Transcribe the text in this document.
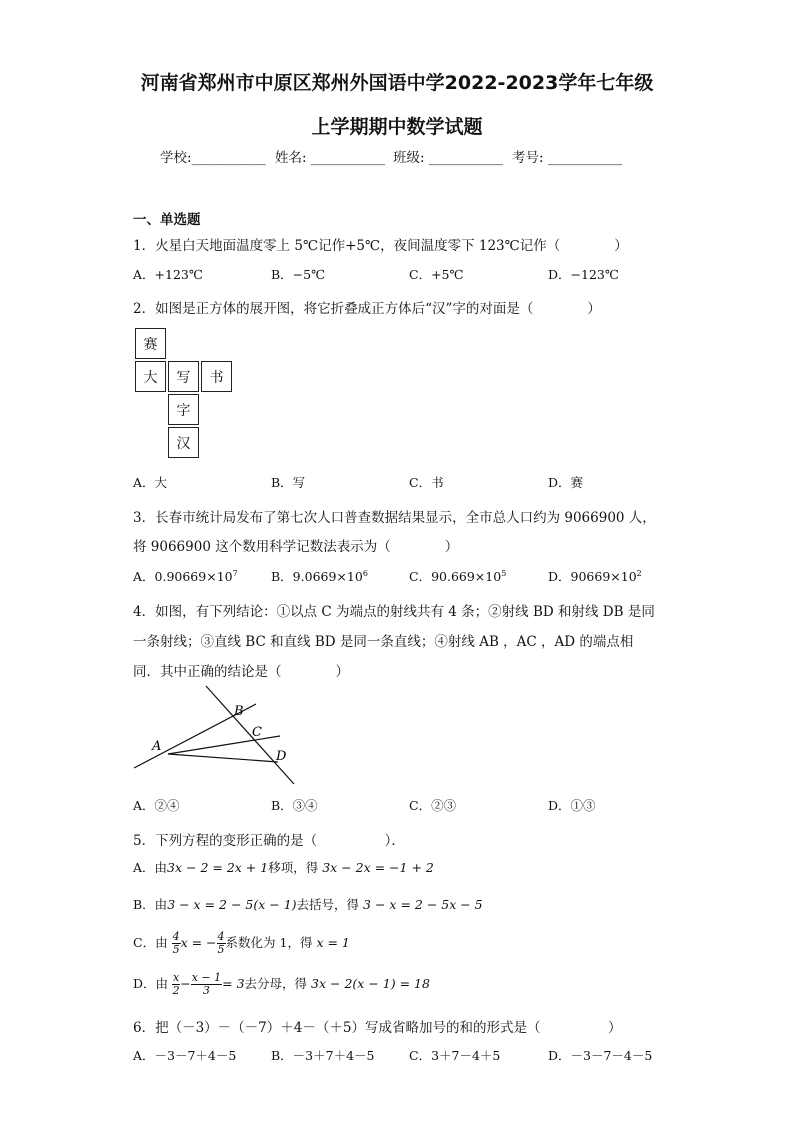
河南省郑州市中原区郑州外国语中学2022-2023学年七年级
上学期期中数学试题
学校:___________ 姓名: ___________ 班级: ___________ 考号: ___________
一、单选题
1．火星白天地面温度零上 5℃记作+5℃，夜间温度零下 123℃记作（　　　　）
A．+123℃	B．−5℃	C．+5℃	D．−123℃
2．如图是正方体的展开图，将它折叠成正方体后“汉”字的对面是（　　　　）
赛
大	写	书
字
汉
A．大	B．写	C．书	D．赛
3．长春市统计局发布了第七次人口普查数据结果显示，全市总人口约为 9066900 人，
将 9066900 这个数用科学记数法表示为（　　　　）
A．$0.90669\times 10^7$	B．$9.0669\times 10^6$	C．$90.669\times 10^5$	D．$90669\times 10^2$
4．如图，有下列结论：①以点 C 为端点的射线共有 4 条；②射线 BD 和射线 DB 是同
一条射线；③直线 BC 和直线 BD 是同一条直线；④射线 AB ，AC ，AD 的端点相
同．其中正确的结论是（　　　　）
A
B
C
D
A．②④	B．③④	C．②③	D．①③
5．下列方程的变形正确的是（　　　　　）．
A．由3x − 2 = 2x + 1移项，得 3x − 2x = −1 + 2
B．由3 − x = 2 − 5(x − 1)去括号，得 3 − x = 2 − 5x − 5
C．由 $\frac{4}{5}$ x = − $\frac{4}{5}$ 系数化为 1，得 x = 1
D．由 $\frac{x}{2} - \frac{x - 1}{3} = 3$去分母，得 3x − 2(x − 1) = 18
6．把（－3）－（－7）＋4－（＋5）写成省略加号的和的形式是（　　　　　）
A．－3－7＋4－5	B．－3＋7＋4－5	C．3＋7－4＋5	D．－3－7－4－5
